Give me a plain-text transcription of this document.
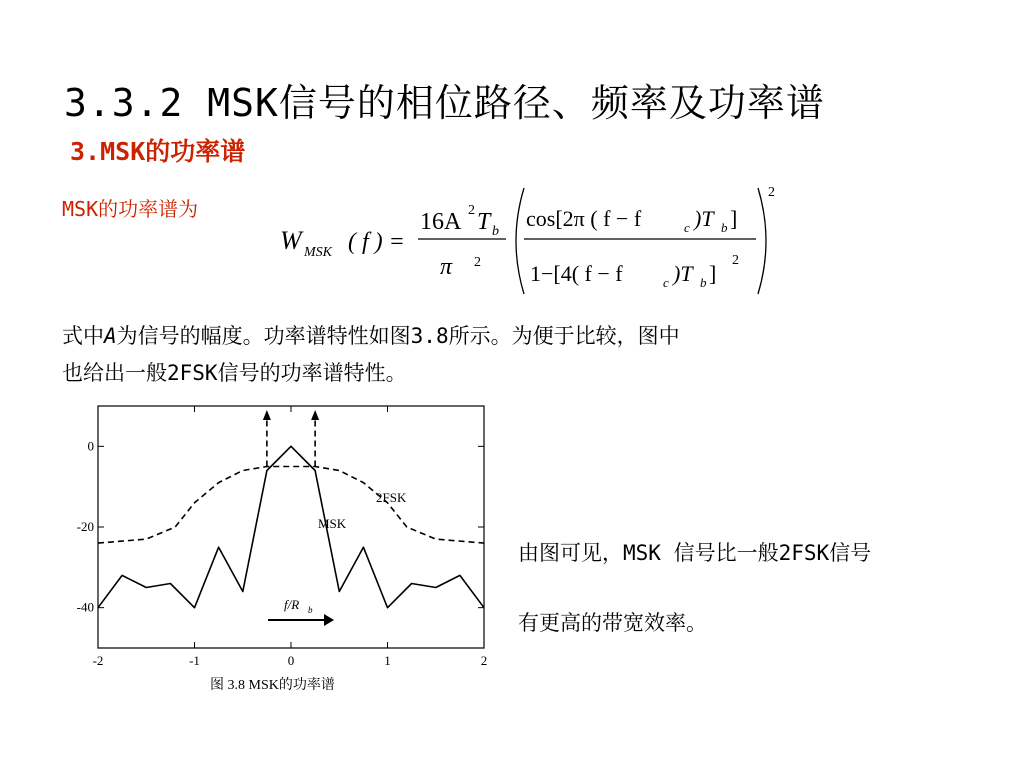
3.3.2 MSK信号的相位路径、频率及功率谱
3.MSK的功率谱
MSK的功率谱为
W MSK ( f ) =
16A 2 T b
π 2
cos[2π ( f − f	c )T b ]
1−[4( f − f	c )T b ]
2
2

式中A为信号的幅度。功率谱特性如图3.8所示。为便于比较，图中

也给出一般2FSK信号的功率谱特性。

-2	-1	0	1	2
0
-20
-40
2FSK
MSK
f/R b
图 3.8 MSK的功率谱

由图可见，MSK 信号比一般2FSK信号

有更高的带宽效率。
